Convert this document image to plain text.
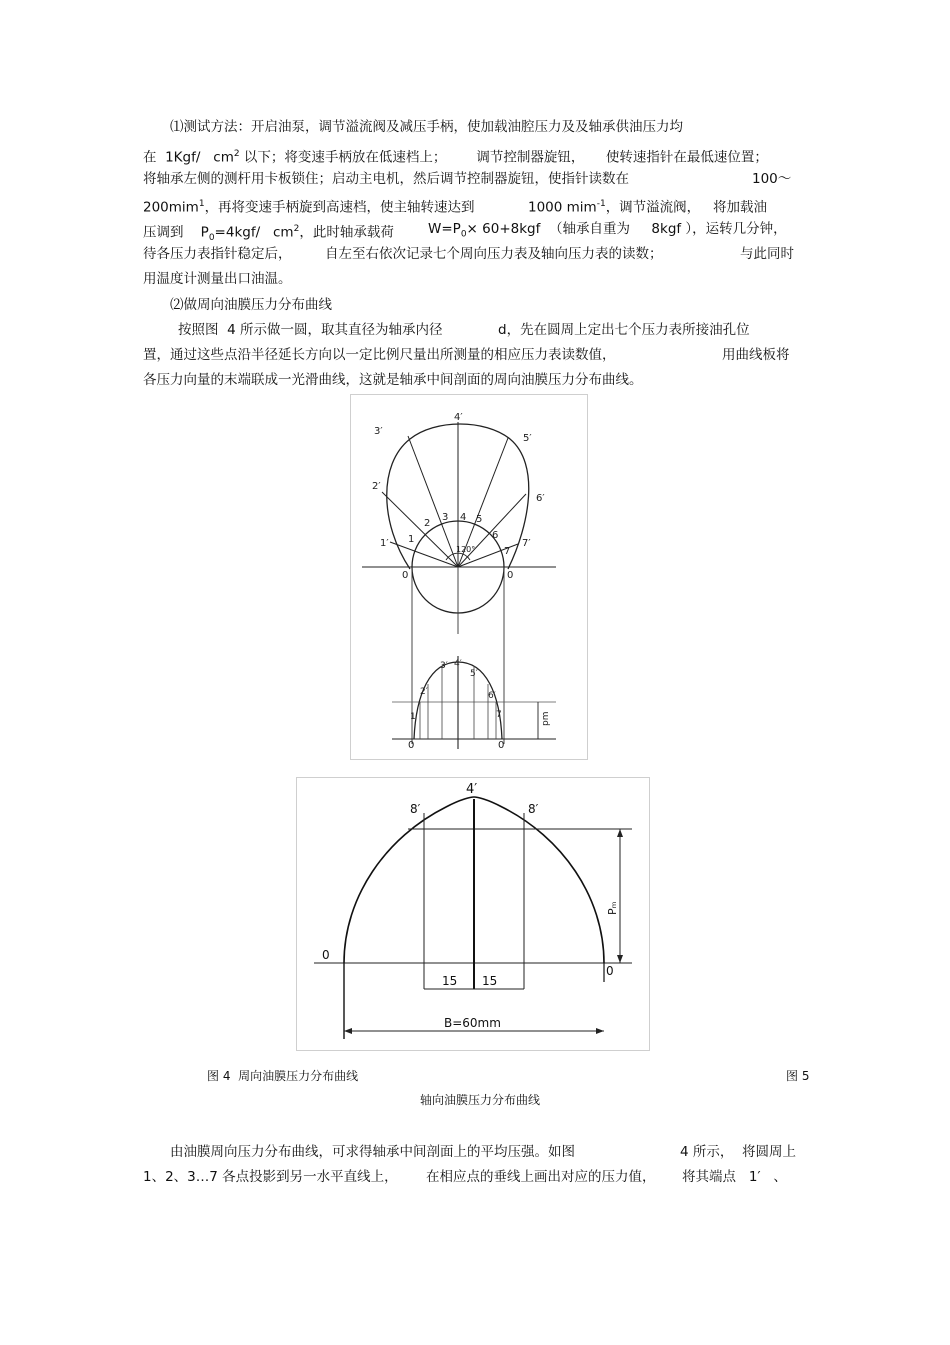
⑴测试方法：开启油泵，调节溢流阀及减压手柄，使加载油腔压力及及轴承供油压力均
在  1Kgf/   $cm^2$ 以下；将变速手柄放在低速档上；       调节控制器旋钮，     使转速指针在最低速位置；
将轴承左侧的测杆用卡板锁住；启动主电机，然后调节控制器旋钮，使指针读数在	100～
200mim$^1$，再将变速手柄旋到高速档，使主轴转速达到	1000 mim$^{-1}$，调节溢流阀，   将加载油
压调到    $P_0=4kgf/$   $cm^2$，此时轴承载荷	$W=P_0\times 60+8kgf$  （轴承自重为     8kgf ），运转几分钟，
待各压力表指针稳定后， 自左至右依次记录七个周向压力表及轴向压力表的读数；	与此同时
用温度计测量出口油温。
⑵做周向油膜压力分布曲线
按照图  4 所示做一圆，取其直径为轴承内径	d，先在圆周上定出七个压力表所接油孔位
置，通过这些点沿半径延长方向以一定比例尺量出所测量的相应压力表读数值，	用曲线板将
各压力向量的末端联成一光滑曲线，这就是轴承中间剖面的周向油膜压力分布曲线。
4′
3′
5′
2′
6′
1′	7′
1
2
3 4 5
6
7
120°
0	0
0	0
3′ 4′
5′
2′	6′
1′	7	pm
4′
8′	8′
0
0
15 15
B=60mm
Pₘ
图 4  周向油膜压力分布曲线	图 5
轴向油膜压力分布曲线
由油膜周向压力分布曲线，可求得轴承中间剖面上的平均压强。如图	4 所示，  将圆周上
1、2、3…7 各点投影到另一水平直线上， 在相应点的垂线上画出对应的压力值， 将其端点   1′   、
